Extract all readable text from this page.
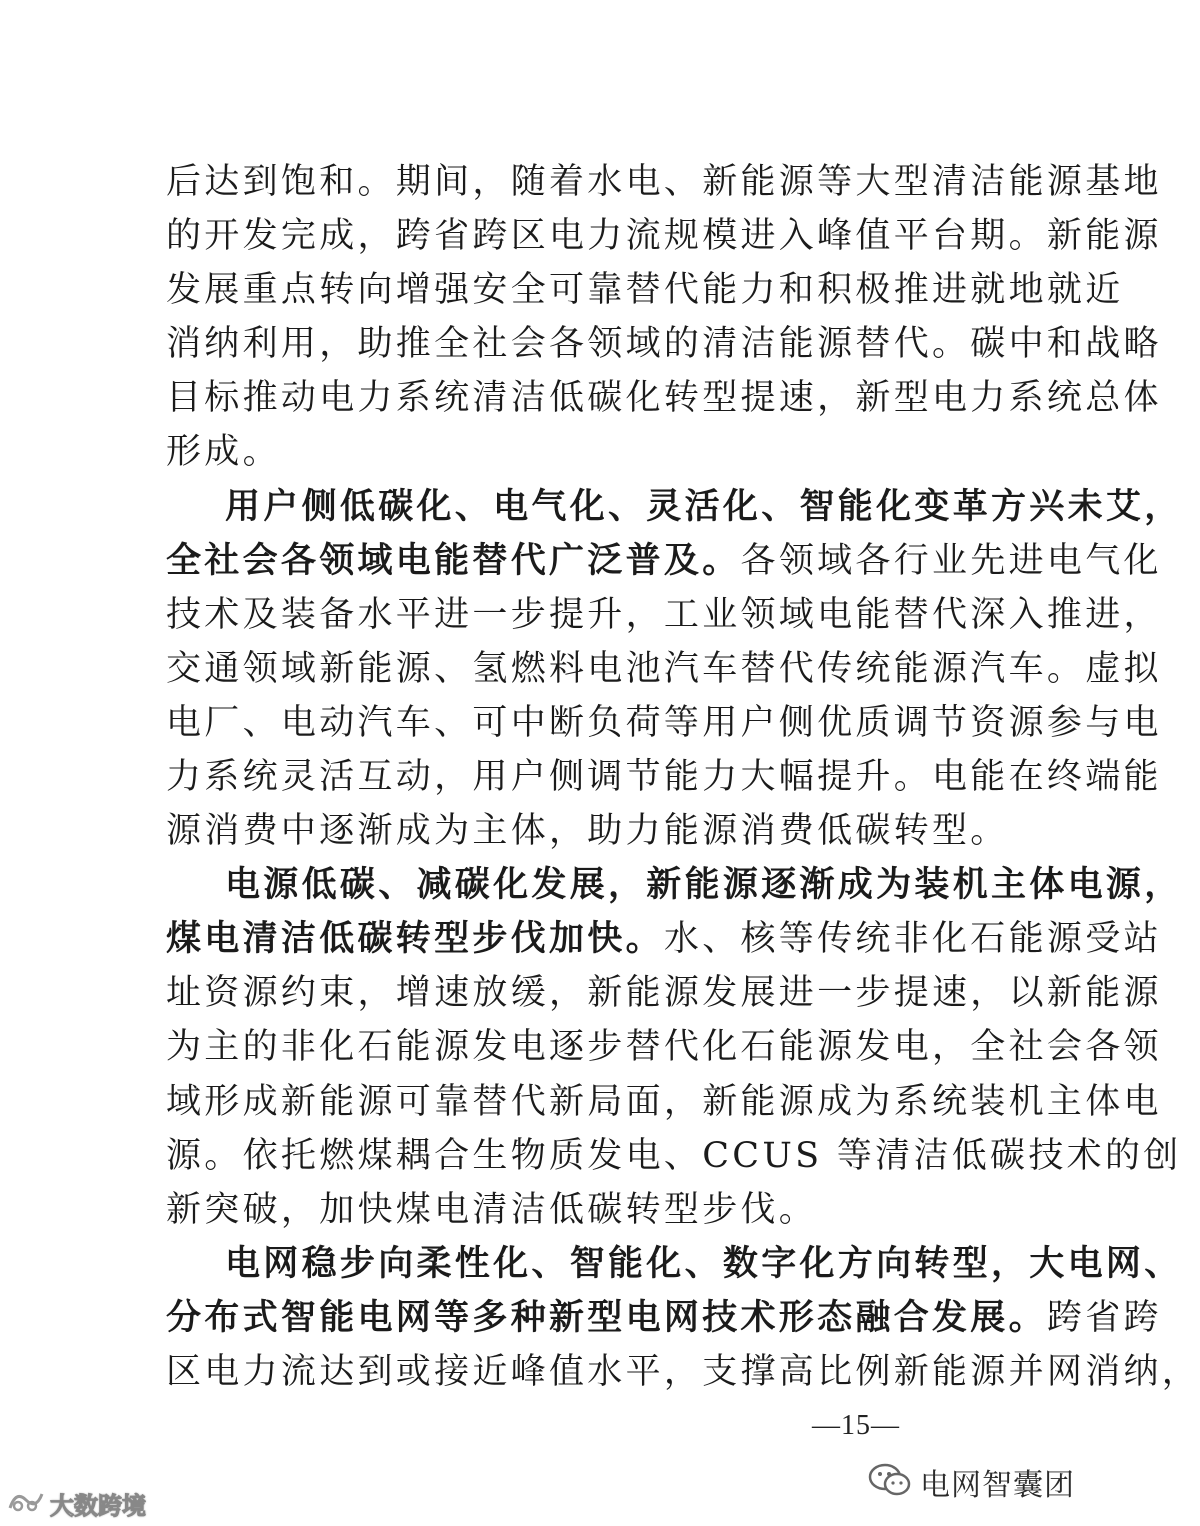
后达到饱和。期间，随着水电、新能源等大型清洁能源基地
的开发完成，跨省跨区电力流规模进入峰值平台期。新能源
发展重点转向增强安全可靠替代能力和积极推进就地就近
消纳利用，助推全社会各领域的清洁能源替代。碳中和战略
目标推动电力系统清洁低碳化转型提速，新型电力系统总体
形成。
用户侧低碳化、电气化、灵活化、智能化变革方兴未艾，
全社会各领域电能替代广泛普及。各领域各行业先进电气化
技术及装备水平进一步提升，工业领域电能替代深入推进，
交通领域新能源、氢燃料电池汽车替代传统能源汽车。虚拟
电厂、电动汽车、可中断负荷等用户侧优质调节资源参与电
力系统灵活互动，用户侧调节能力大幅提升。电能在终端能
源消费中逐渐成为主体，助力能源消费低碳转型。
电源低碳、减碳化发展，新能源逐渐成为装机主体电源，
煤电清洁低碳转型步伐加快。水、核等传统非化石能源受站
址资源约束，增速放缓，新能源发展进一步提速，以新能源
为主的非化石能源发电逐步替代化石能源发电，全社会各领
域形成新能源可靠替代新局面，新能源成为系统装机主体电
源。依托燃煤耦合生物质发电、CCUS 等清洁低碳技术的创
新突破，加快煤电清洁低碳转型步伐。
—15—
电网智囊团
大数跨境
电网稳步向柔性化、智能化、数字化方向转型，大电网、
分布式智能电网等多种新型电网技术形态融合发展。跨省跨
区电力流达到或接近峰值水平，支撑高比例新能源并网消纳，
